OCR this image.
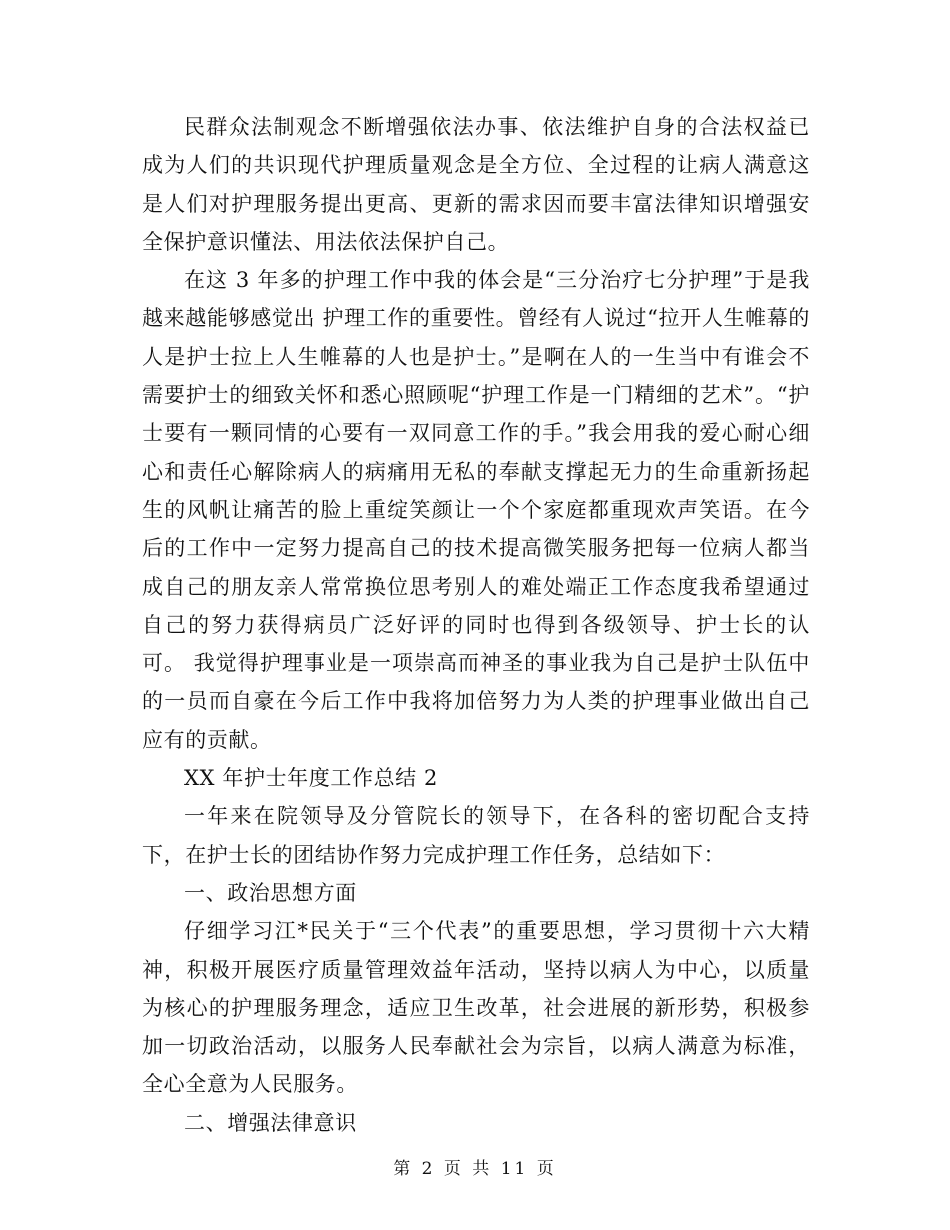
民群众法制观念不断增强依法办事、依法维护自身的合法权益已成为人们的共识现代护理质量观念是全方位、全过程的让病人满意这是人们对护理服务提出更高、更新的需求因而要丰富法律知识增强安全保护意识懂法、用法依法保护自己。

在这 3 年多的护理工作中我的体会是“三分治疗七分护理”于是我越来越能够感觉出 护理工作的重要性。曾经有人说过“拉开人生帷幕的人是护士拉上人生帷幕的人也是护士。”是啊在人的一生当中有谁会不需要护士的细致关怀和悉心照顾呢“护理工作是一门精细的艺术”。“护士要有一颗同情的心要有一双同意工作的手。”我会用我的爱心耐心细心和责任心解除病人的病痛用无私的奉献支撑起无力的生命重新扬起生的风帆让痛苦的脸上重绽笑颜让一个个家庭都重现欢声笑语。在今后的工作中一定努力提高自己的技术提高微笑服务把每一位病人都当成自己的朋友亲人常常换位思考别人的难处端正工作态度我希望通过自己的努力获得病员广泛好评的同时也得到各级领导、护士长的认可。 我觉得护理事业是一项崇高而神圣的事业我为自己是护士队伍中的一员而自豪在今后工作中我将加倍努力为人类的护理事业做出自己应有的贡献。

XX 年护士年度工作总结 2

一年来在院领导及分管院长的领导下，在各科的密切配合支持下，在护士长的团结协作努力完成护理工作任务，总结如下：

一、政治思想方面

仔细学习江*民关于“三个代表”的重要思想，学习贯彻十六大精神，积极开展医疗质量管理效益年活动，坚持以病人为中心，以质量为核心的护理服务理念，适应卫生改革，社会进展的新形势，积极参加一切政治活动，以服务人民奉献社会为宗旨，以病人满意为标准，全心全意为人民服务。

二、增强法律意识

第 2 页 共 11 页
